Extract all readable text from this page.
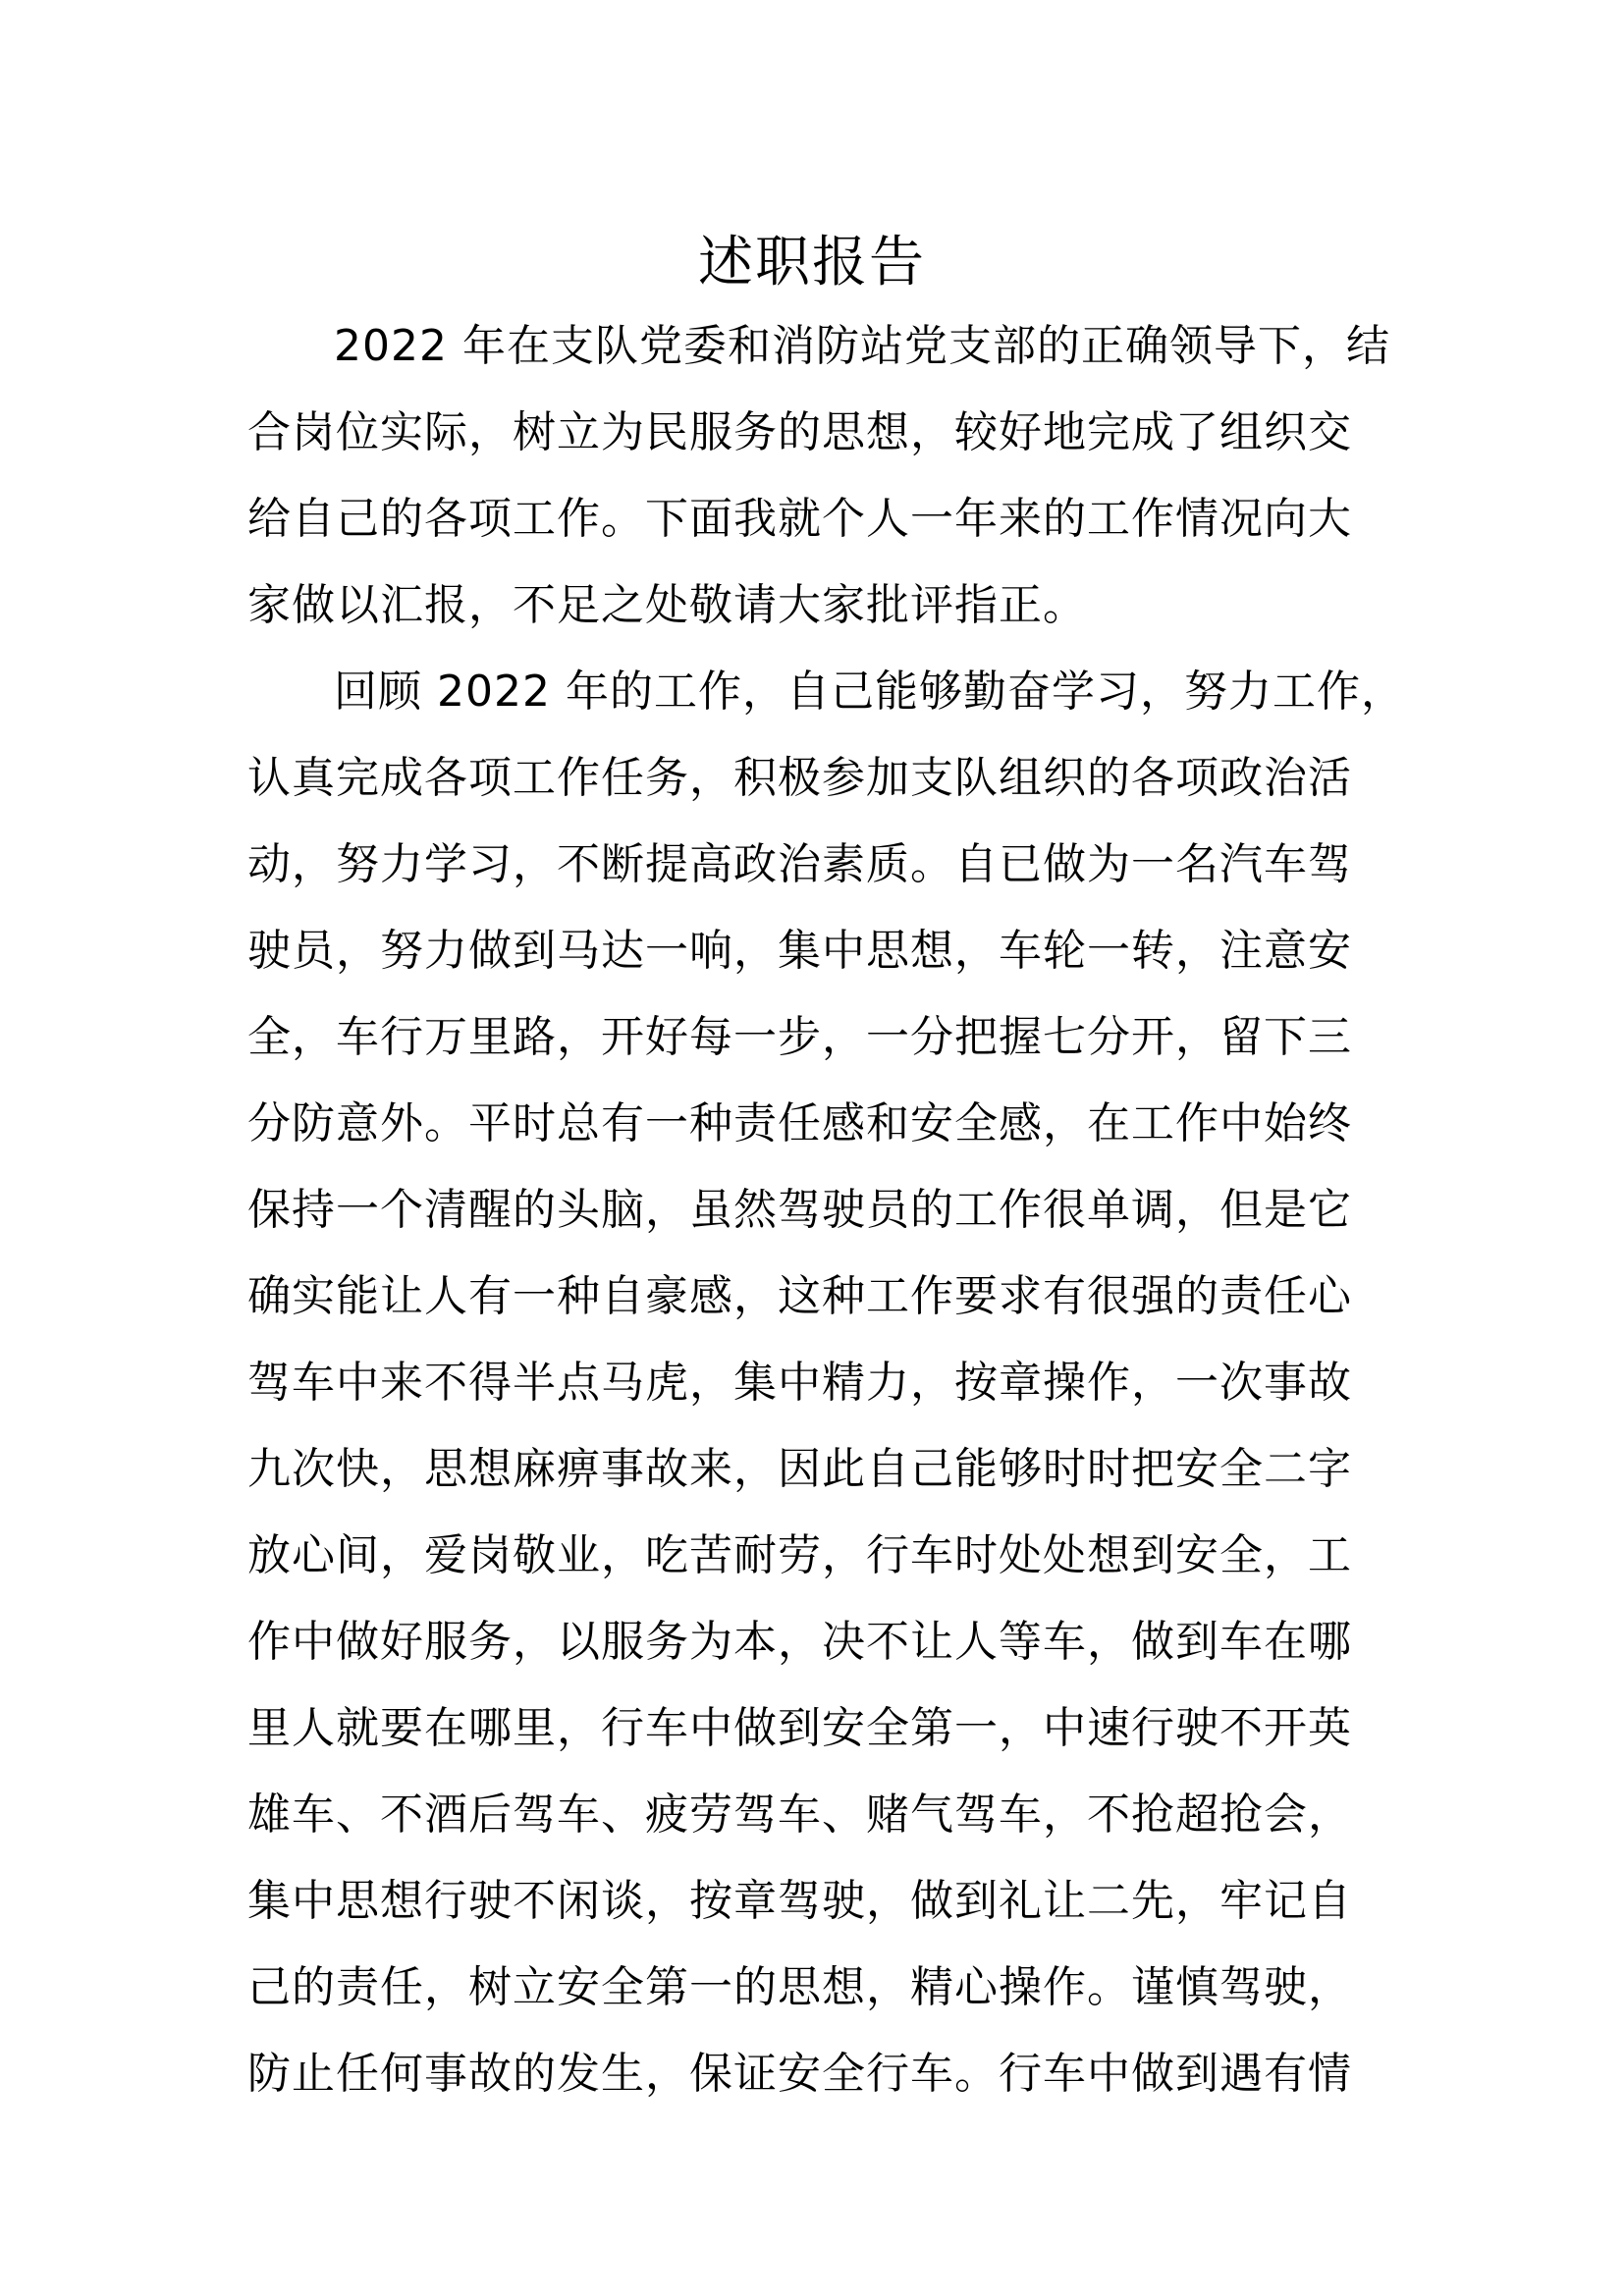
述职报告

2022 年在支队党委和消防站党支部的正确领导下，结

合岗位实际，树立为民服务的思想，较好地完成了组织交

给自己的各项工作。下面我就个人一年来的工作情况向大

家做以汇报，不足之处敬请大家批评指正。

回顾 2022 年的工作，自己能够勤奋学习，努力工作，

认真完成各项工作任务，积极参加支队组织的各项政治活

动，努力学习，不断提高政治素质。自已做为一名汽车驾

驶员，努力做到马达一响，集中思想，车轮一转，注意安

全，车行万里路，开好每一步，一分把握七分开，留下三

分防意外。平时总有一种责任感和安全感，在工作中始终

保持一个清醒的头脑，虽然驾驶员的工作很单调，但是它

确实能让人有一种自豪感，这种工作要求有很强的责任心

驾车中来不得半点马虎，集中精力，按章操作，一次事故

九次快，思想麻痹事故来，因此自己能够时时把安全二字

放心间，爱岗敬业，吃苦耐劳，行车时处处想到安全，工

作中做好服务，以服务为本，决不让人等车，做到车在哪

里人就要在哪里，行车中做到安全第一，中速行驶不开英

雄车、不酒后驾车、疲劳驾车、赌气驾车，不抢超抢会，

集中思想行驶不闲谈，按章驾驶，做到礼让二先，牢记自

己的责任，树立安全第一的思想，精心操作。谨慎驾驶，

防止任何事故的发生，保证安全行车。行车中做到遇有情
